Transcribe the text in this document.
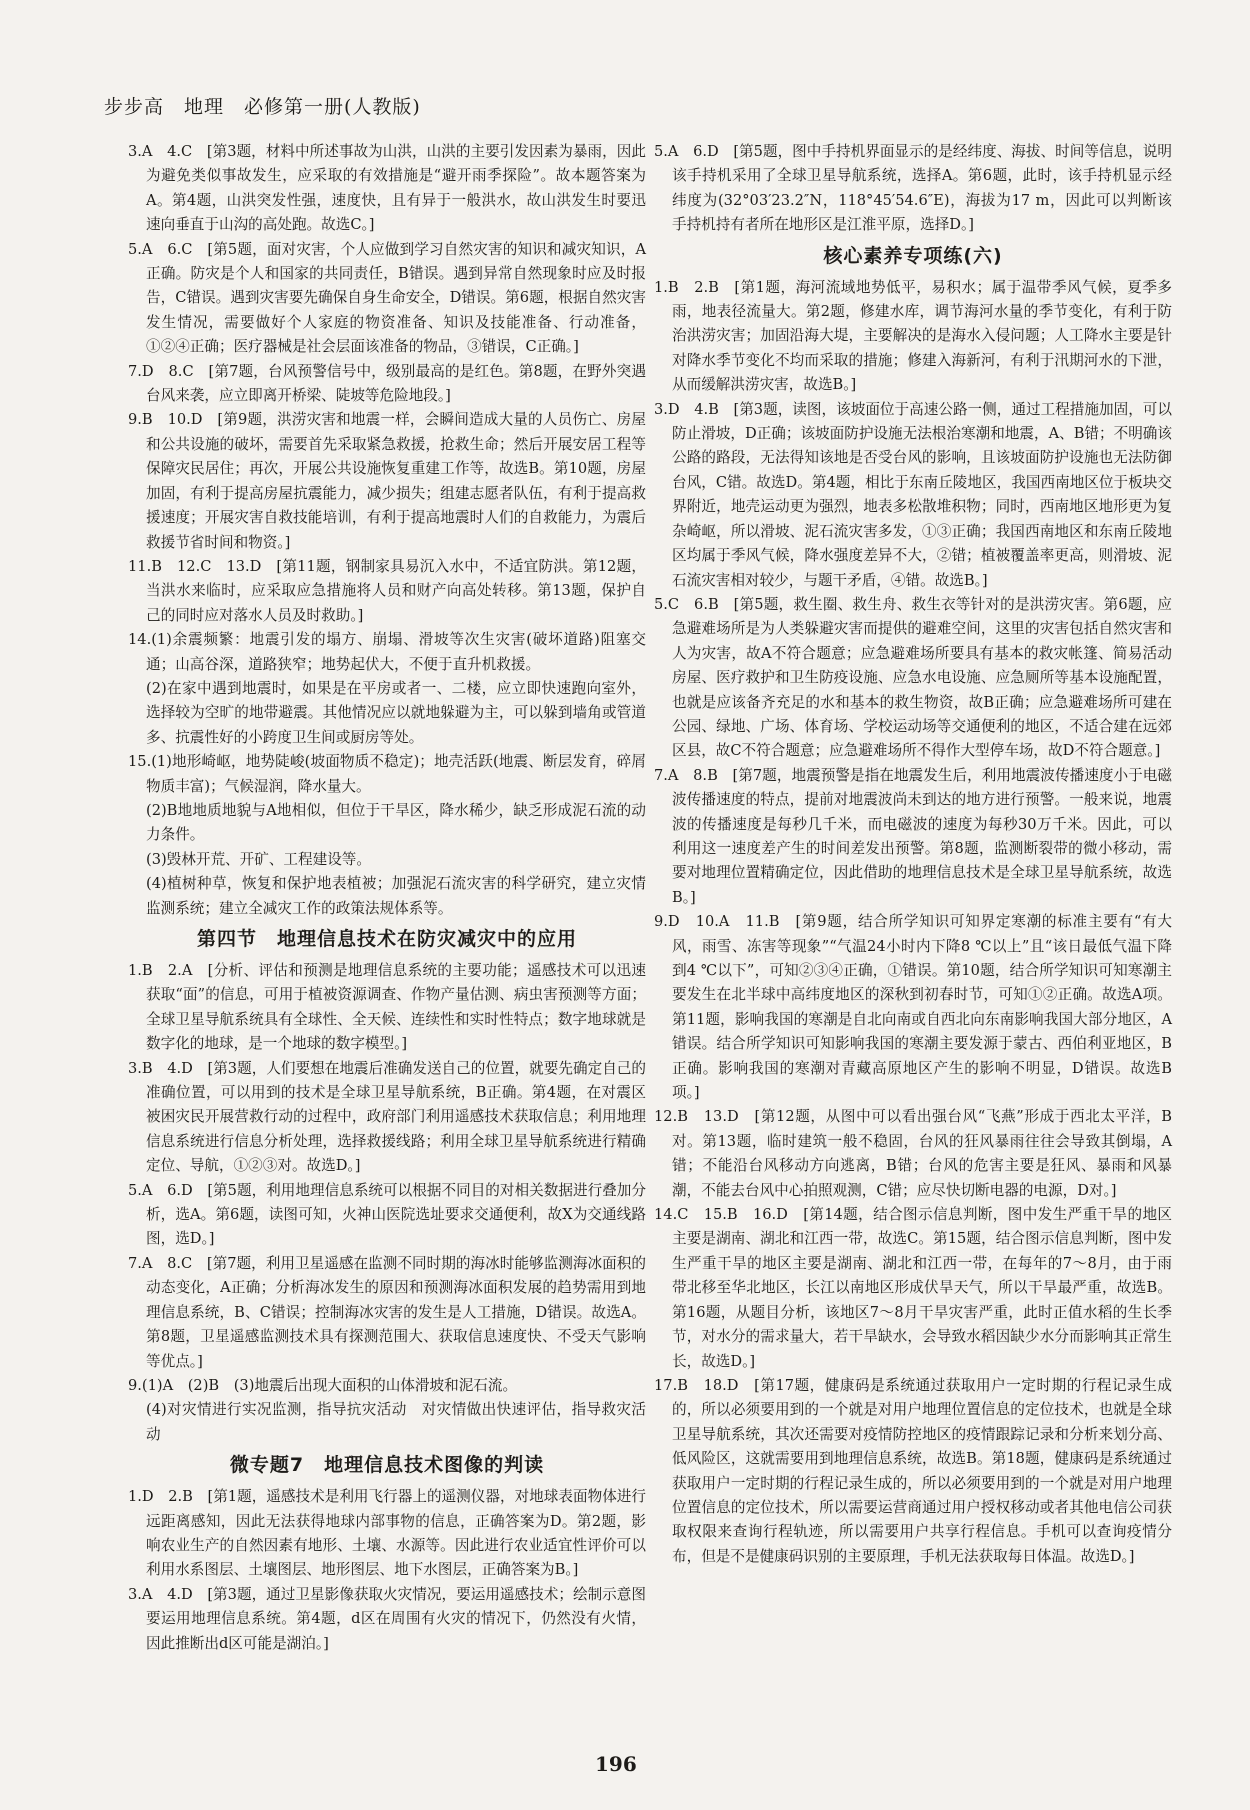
步步高　地理　必修第一册(人教版)

3.A　4.C　[第3题，材料中所述事故为山洪，山洪的主要引发因素为暴雨，因此为避免类似事故发生，应采取的有效措施是“避开雨季探险”。故本题答案为A。第4题，山洪突发性强，速度快，且有异于一般洪水，故山洪发生时要迅速向垂直于山沟的高处跑。故选C。]

5.A　6.C　[第5题，面对灾害，个人应做到学习自然灾害的知识和减灾知识，A正确。防灾是个人和国家的共同责任，B错误。遇到异常自然现象时应及时报告，C错误。遇到灾害要先确保自身生命安全，D错误。第6题，根据自然灾害发生情况，需要做好个人家庭的物资准备、知识及技能准备、行动准备，①②④正确；医疗器械是社会层面该准备的物品，③错误，C正确。]

7.D　8.C　[第7题，台风预警信号中，级别最高的是红色。第8题，在野外突遇台风来袭，应立即离开桥梁、陡坡等危险地段。]

9.B　10.D　[第9题，洪涝灾害和地震一样，会瞬间造成大量的人员伤亡、房屋和公共设施的破坏，需要首先采取紧急救援，抢救生命；然后开展安居工程等保障灾民居住；再次，开展公共设施恢复重建工作等，故选B。第10题，房屋加固，有利于提高房屋抗震能力，减少损失；组建志愿者队伍，有利于提高救援速度；开展灾害自救技能培训，有利于提高地震时人们的自救能力，为震后救援节省时间和物资。]

11.B　12.C　13.D　[第11题，钢制家具易沉入水中，不适宜防洪。第12题，当洪水来临时，应采取应急措施将人员和财产向高处转移。第13题，保护自己的同时应对落水人员及时救助。]

14.(1)余震频繁：地震引发的塌方、崩塌、滑坡等次生灾害(破坏道路)阻塞交通；山高谷深，道路狭窄；地势起伏大，不便于直升机救援。

(2)在家中遇到地震时，如果是在平房或者一、二楼，应立即快速跑向室外，选择较为空旷的地带避震。其他情况应以就地躲避为主，可以躲到墙角或管道多、抗震性好的小跨度卫生间或厨房等处。

15.(1)地形崎岖，地势陡峻(坡面物质不稳定)；地壳活跃(地震、断层发育，碎屑物质丰富)；气候湿润，降水量大。

(2)B地地质地貌与A地相似，但位于干旱区，降水稀少，缺乏形成泥石流的动力条件。

(3)毁林开荒、开矿、工程建设等。

(4)植树种草，恢复和保护地表植被；加强泥石流灾害的科学研究，建立灾情监测系统；建立全减灾工作的政策法规体系等。

第四节　地理信息技术在防灾减灾中的应用

1.B　2.A　[分析、评估和预测是地理信息系统的主要功能；遥感技术可以迅速获取“面”的信息，可用于植被资源调查、作物产量估测、病虫害预测等方面；全球卫星导航系统具有全球性、全天候、连续性和实时性特点；数字地球就是数字化的地球，是一个地球的数字模型。]

3.B　4.D　[第3题，人们要想在地震后准确发送自己的位置，就要先确定自己的准确位置，可以用到的技术是全球卫星导航系统，B正确。第4题，在对震区被困灾民开展营救行动的过程中，政府部门利用遥感技术获取信息；利用地理信息系统进行信息分析处理，选择救援线路；利用全球卫星导航系统进行精确定位、导航，①②③对。故选D。]

5.A　6.D　[第5题，利用地理信息系统可以根据不同目的对相关数据进行叠加分析，选A。第6题，读图可知，火神山医院选址要求交通便利，故X为交通线路图，选D。]

7.A　8.C　[第7题，利用卫星遥感在监测不同时期的海冰时能够监测海冰面积的动态变化，A正确；分析海冰发生的原因和预测海冰面积发展的趋势需用到地理信息系统，B、C错误；控制海冰灾害的发生是人工措施，D错误。故选A。第8题，卫星遥感监测技术具有探测范围大、获取信息速度快、不受天气影响等优点。]

9.(1)A　(2)B　(3)地震后出现大面积的山体滑坡和泥石流。

(4)对灾情进行实况监测，指导抗灾活动　对灾情做出快速评估，指导救灾活动

微专题7　地理信息技术图像的判读

1.D　2.B　[第1题，遥感技术是利用飞行器上的遥测仪器，对地球表面物体进行远距离感知，因此无法获得地球内部事物的信息，正确答案为D。第2题，影响农业生产的自然因素有地形、土壤、水源等。因此进行农业适宜性评价可以利用水系图层、土壤图层、地形图层、地下水图层，正确答案为B。]

3.A　4.D　[第3题，通过卫星影像获取火灾情况，要运用遥感技术；绘制示意图要运用地理信息系统。第4题，d区在周围有火灾的情况下，仍然没有火情，因此推断出d区可能是湖泊。]

5.A　6.D　[第5题，图中手持机界面显示的是经纬度、海拔、时间等信息，说明该手持机采用了全球卫星导航系统，选择A。第6题，此时，该手持机显示经纬度为(32°03′23.2″N，118°45′54.6″E)，海拔为17 m，因此可以判断该手持机持有者所在地形区是江淮平原，选择D。]

核心素养专项练(六)

1.B　2.B　[第1题，海河流域地势低平，易积水；属于温带季风气候，夏季多雨，地表径流量大。第2题，修建水库，调节海河水量的季节变化，有利于防治洪涝灾害；加固沿海大堤，主要解决的是海水入侵问题；人工降水主要是针对降水季节变化不均而采取的措施；修建入海新河，有利于汛期河水的下泄，从而缓解洪涝灾害，故选B。]

3.D　4.B　[第3题，读图，该坡面位于高速公路一侧，通过工程措施加固，可以防止滑坡，D正确；该坡面防护设施无法根治寒潮和地震，A、B错；不明确该公路的路段，无法得知该地是否受台风的影响，且该坡面防护设施也无法防御台风，C错。故选D。第4题，相比于东南丘陵地区，我国西南地区位于板块交界附近，地壳运动更为强烈，地表多松散堆积物；同时，西南地区地形更为复杂崎岖，所以滑坡、泥石流灾害多发，①③正确；我国西南地区和东南丘陵地区均属于季风气候，降水强度差异不大，②错；植被覆盖率更高，则滑坡、泥石流灾害相对较少，与题干矛盾，④错。故选B。]

5.C　6.B　[第5题，救生圈、救生舟、救生衣等针对的是洪涝灾害。第6题，应急避难场所是为人类躲避灾害而提供的避难空间，这里的灾害包括自然灾害和人为灾害，故A不符合题意；应急避难场所要具有基本的救灾帐篷、简易活动房屋、医疗救护和卫生防疫设施、应急水电设施、应急厕所等基本设施配置，也就是应该备齐充足的水和基本的救生物资，故B正确；应急避难场所可建在公园、绿地、广场、体育场、学校运动场等交通便利的地区，不适合建在远郊区县，故C不符合题意；应急避难场所不得作大型停车场，故D不符合题意。]

7.A　8.B　[第7题，地震预警是指在地震发生后，利用地震波传播速度小于电磁波传播速度的特点，提前对地震波尚未到达的地方进行预警。一般来说，地震波的传播速度是每秒几千米，而电磁波的速度为每秒30万千米。因此，可以利用这一速度差产生的时间差发出预警。第8题，监测断裂带的微小移动，需要对地理位置精确定位，因此借助的地理信息技术是全球卫星导航系统，故选B。]

9.D　10.A　11.B　[第9题，结合所学知识可知界定寒潮的标准主要有“有大风，雨雪、冻害等现象”“气温24小时内下降8 ℃以上”且“该日最低气温下降到4 ℃以下”，可知②③④正确，①错误。第10题，结合所学知识可知寒潮主要发生在北半球中高纬度地区的深秋到初春时节，可知①②正确。故选A项。第11题，影响我国的寒潮是自北向南或自西北向东南影响我国大部分地区，A错误。结合所学知识可知影响我国的寒潮主要发源于蒙古、西伯利亚地区，B正确。影响我国的寒潮对青藏高原地区产生的影响不明显，D错误。故选B项。]

12.B　13.D　[第12题，从图中可以看出强台风“飞燕”形成于西北太平洋，B对。第13题，临时建筑一般不稳固，台风的狂风暴雨往往会导致其倒塌，A错；不能沿台风移动方向逃离，B错；台风的危害主要是狂风、暴雨和风暴潮，不能去台风中心拍照观测，C错；应尽快切断电器的电源，D对。]

14.C　15.B　16.D　[第14题，结合图示信息判断，图中发生严重干旱的地区主要是湖南、湖北和江西一带，故选C。第15题，结合图示信息判断，图中发生严重干旱的地区主要是湖南、湖北和江西一带，在每年的7～8月，由于雨带北移至华北地区，长江以南地区形成伏旱天气，所以干旱最严重，故选B。第16题，从题目分析，该地区7～8月干旱灾害严重，此时正值水稻的生长季节，对水分的需求量大，若干旱缺水，会导致水稻因缺少水分而影响其正常生长，故选D。]

17.B　18.D　[第17题，健康码是系统通过获取用户一定时期的行程记录生成的，所以必须要用到的一个就是对用户地理位置信息的定位技术，也就是全球卫星导航系统，其次还需要对疫情防控地区的疫情跟踪记录和分析来划分高、低风险区，这就需要用到地理信息系统，故选B。第18题，健康码是系统通过获取用户一定时期的行程记录生成的，所以必须要用到的一个就是对用户地理位置信息的定位技术，所以需要运营商通过用户授权移动或者其他电信公司获取权限来查询行程轨迹，所以需要用户共享行程信息。手机可以查询疫情分布，但是不是健康码识别的主要原理，手机无法获取每日体温。故选D。]

196
